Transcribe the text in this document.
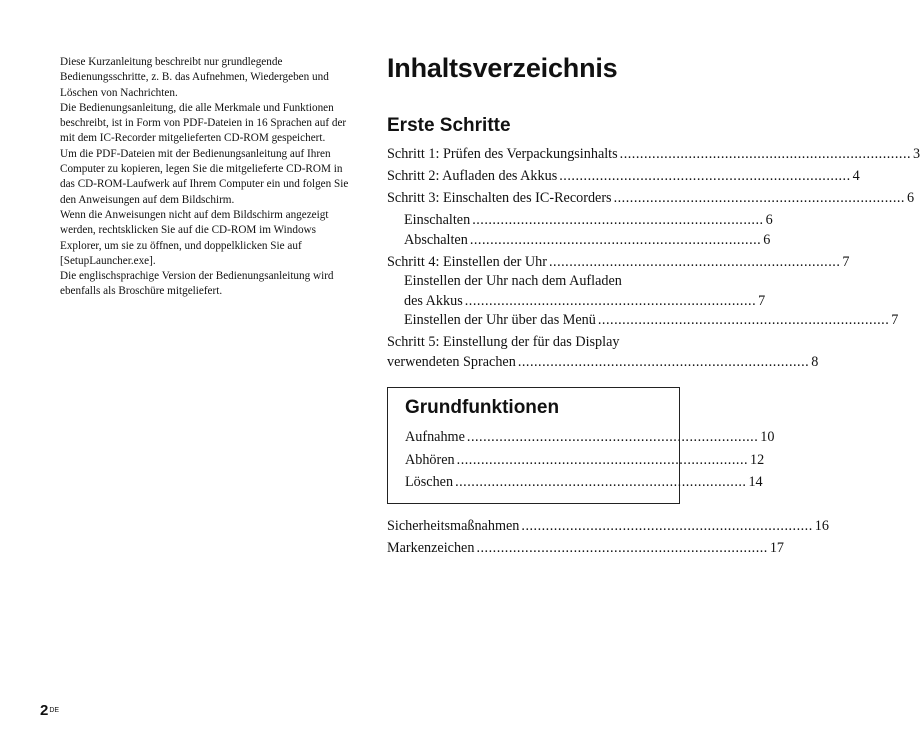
Diese Kurzanleitung beschreibt nur grundlegende Bedienungsschritte, z. B. das Aufnehmen, Wiedergeben und Löschen von Nachrichten.

Die Bedienungsanleitung, die alle Merkmale und Funktionen beschreibt, ist in Form von PDF-Dateien in 16 Sprachen auf der mit dem IC-Recorder mitgelieferten CD-ROM gespeichert.

Um die PDF-Dateien mit der Bedienungsanleitung auf Ihren Computer zu kopieren, legen Sie die mitgelieferte CD-ROM in das CD-ROM-Laufwerk auf Ihrem Computer ein und folgen Sie den Anweisungen auf dem Bildschirm.

Wenn die Anweisungen nicht auf dem Bildschirm angezeigt werden, rechtsklicken Sie auf die CD-ROM im Windows Explorer, um sie zu öffnen, und doppelklicken Sie auf [SetupLauncher.exe].

Die englischsprachige Version der Bedienungsanleitung wird ebenfalls als Broschüre mitgeliefert.

Inhaltsverzeichnis
Erste Schritte
Schritt 1: Prüfen des Verpackungsinhalts ........................................................................ 3
Schritt 2: Aufladen des Akkus ........................................................................ 4
Schritt 3: Einschalten des IC-Recorders ........................................................................ 6
Einschalten ........................................................................ 6
Abschalten ........................................................................ 6
Schritt 4: Einstellen der Uhr ........................................................................ 7
Einstellen der Uhr nach dem Aufladen
des Akkus ........................................................................ 7
Einstellen der Uhr über das Menü ........................................................................ 7
Schritt 5: Einstellung der für das Display
verwendeten Sprachen ........................................................................ 8
Grundfunktionen
Aufnahme ........................................................................ 10
Abhören ........................................................................ 12
Löschen ........................................................................ 14
Sicherheitsmaßnahmen ........................................................................ 16
Markenzeichen ........................................................................ 17
2DE
